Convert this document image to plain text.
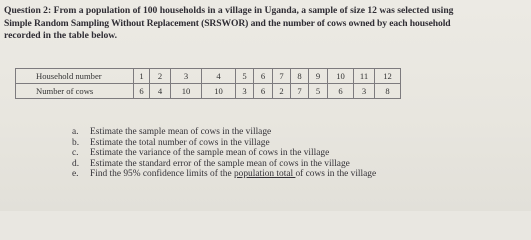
Question 2: From a population of 100 households in a village in Uganda, a sample of size 12 was selected using
Simple Random Sampling Without Replacement (SRSWOR) and the number of cows owned by each household
recorded in the table below.
Household number	1	2	3	4	5	6	7	8	9	10	11	12
Number of cows	6	4	10	10	3	6	2	7	5	6	3	8
a.	Estimate the sample mean of cows in the village
b.	Estimate the total number of cows in the village
c.	Estimate the variance of the sample mean of cows in the village
d.	Estimate the standard error of the sample mean of cows in the village
e.	Find the 95% confidence limits of the population total of cows in the village
